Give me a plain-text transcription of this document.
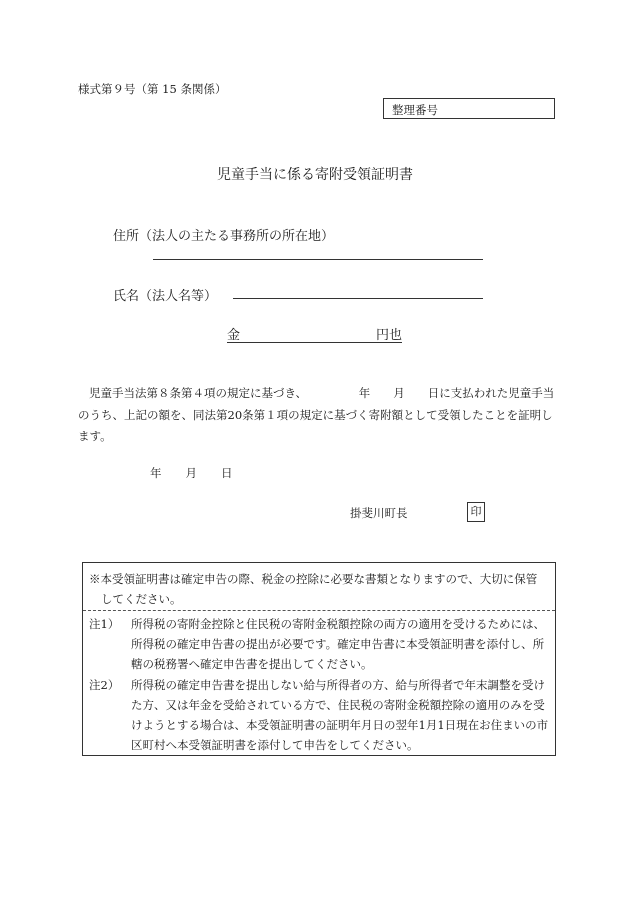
様式第９号（第 15 条関係）
整理番号
児童手当に係る寄附受領証明書
住所（法人の主たる事務所の所在地）
氏名（法人名等）
金	円也
児童手当法第８条第４項の規定に基づき、　　　　　年　　月　　日に支払われた児童手当のうち、上記の額を、同法第20条第１項の規定に基づく寄附額として受領したことを証明します。
年 月 日
掛斐川町長	印
※本受領証明書は確定申告の際、税金の控除に必要な書類となりますので、大切に保管
してください。
注1）	所得税の寄附金控除と住民税の寄附金税額控除の両方の適用を受けるためには、所得税の確定申告書の提出が必要です。確定申告書に本受領証明書を添付し、所轄の税務署へ確定申告書を提出してください。
注2）	所得税の確定申告書を提出しない給与所得者の方、給与所得者で年末調整を受けた方、又は年金を受給されている方で、住民税の寄附金税額控除の適用のみを受けようとする場合は、本受領証明書の証明年月日の翌年1月1日現在お住まいの市区町村へ本受領証明書を添付して申告をしてください。
